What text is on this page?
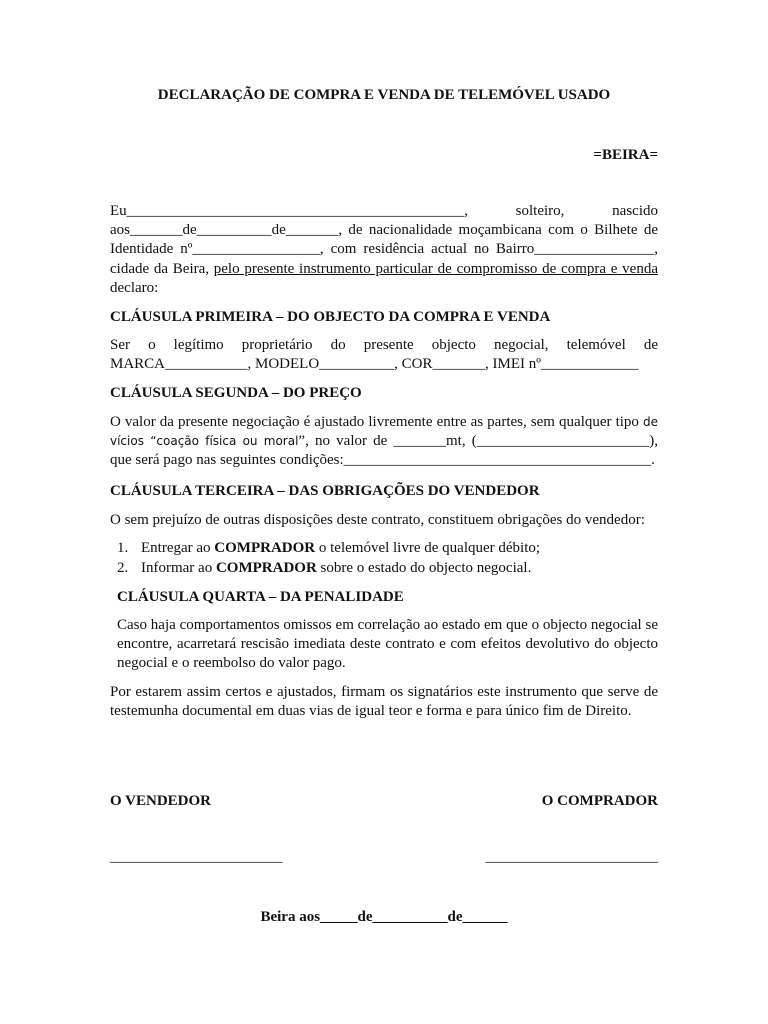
DECLARAÇÃO DE COMPRA E VENDA DE TELEMÓVEL USADO

=BEIRA=

Eu_____________________________________________,  solteiro,  nascido aos_______de__________de_______, de nacionalidade moçambicana com o Bilhete de Identidade nº_________________, com residência actual no Bairro________________, cidade da Beira, pelo presente instrumento particular de compromisso de compra e venda declaro:

CLÁUSULA PRIMEIRA – DO OBJECTO DA COMPRA E VENDA

Ser o legítimo proprietário do presente objecto negocial, telemóvel de MARCA___________, MODELO__________, COR_______, IMEI nº_____________

CLÁUSULA SEGUNDA – DO PREÇO

O valor da presente negociação é ajustado livremente entre as partes, sem qualquer tipo de vícios “coação física ou moral”, no valor de _______mt, (_______________________), que será pago nas seguintes condições:_________________________________________.

CLÁUSULA TERCEIRA – DAS OBRIGAÇÕES DO VENDEDOR

O sem prejuízo de outras disposições deste contrato, constituem obrigações do vendedor:

1. Entregar ao COMPRADOR o telemóvel livre de qualquer débito;
2. Informar ao COMPRADOR sobre o estado do objecto negocial.
CLÁUSULA QUARTA – DA PENALIDADE

Caso haja comportamentos omissos em correlação ao estado em que o objecto negocial se encontre, acarretará rescisão imediata deste contrato e com efeitos devolutivo do objecto negocial e o reembolso do valor pago.

Por estarem assim certos e ajustados, firmam os signatários este instrumento que serve de testemunha documental em duas vias de igual teor e forma e para único fim de Direito.

O VENDEDOR	O COMPRADOR
_______________________	_______________________
Beira aos_____de__________de______
